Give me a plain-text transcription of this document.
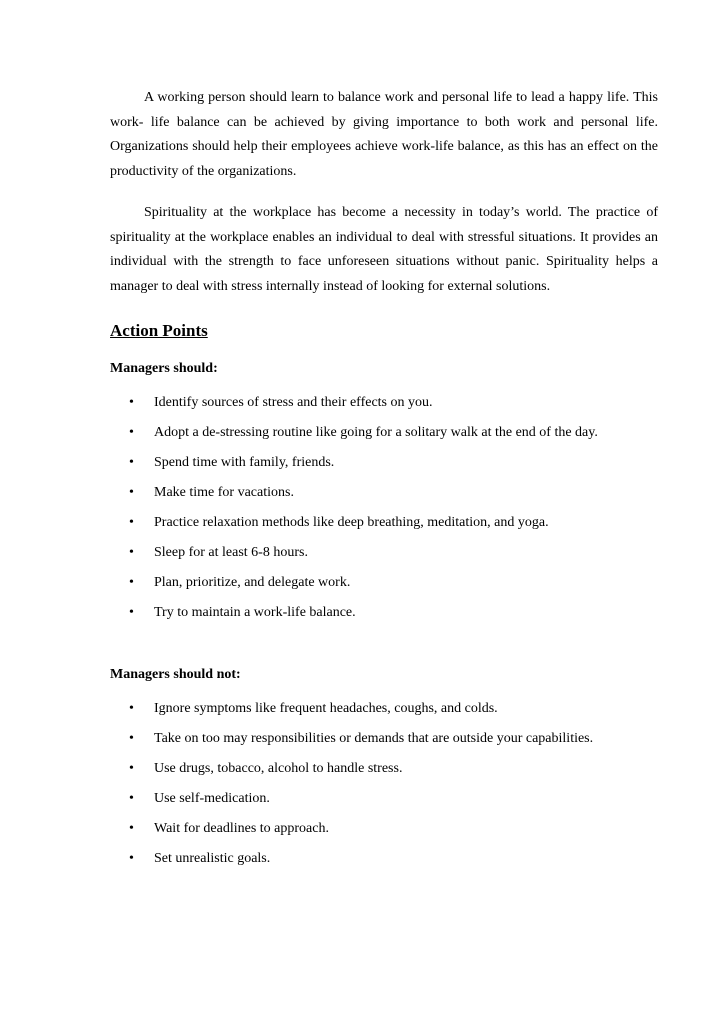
A working person should learn to balance work and personal life to lead a happy life. This work- life balance can be achieved by giving importance to both work and personal life. Organizations should help their employees achieve work-life balance, as this has an effect on the productivity of the organizations.

Spirituality at the workplace has become a necessity in today’s world. The practice of spirituality at the workplace enables an individual to deal with stressful situations. It provides an individual with the strength to face unforeseen situations without panic. Spirituality helps a manager to deal with stress internally instead of looking for external solutions.

Action Points
Managers should:
• Identify sources of stress and their effects on you.
• Adopt a de-stressing routine like going for a solitary walk at the end of the day.
• Spend time with family, friends.
• Make time for vacations.
• Practice relaxation methods like deep breathing, meditation, and yoga.
• Sleep for at least 6-8 hours.
• Plan, prioritize, and delegate work.
• Try to maintain a work-life balance.
Managers should not:
• Ignore symptoms like frequent headaches, coughs, and colds.
• Take on too may responsibilities or demands that are outside your capabilities.
• Use drugs, tobacco, alcohol to handle stress.
• Use self-medication.
• Wait for deadlines to approach.
• Set unrealistic goals.
